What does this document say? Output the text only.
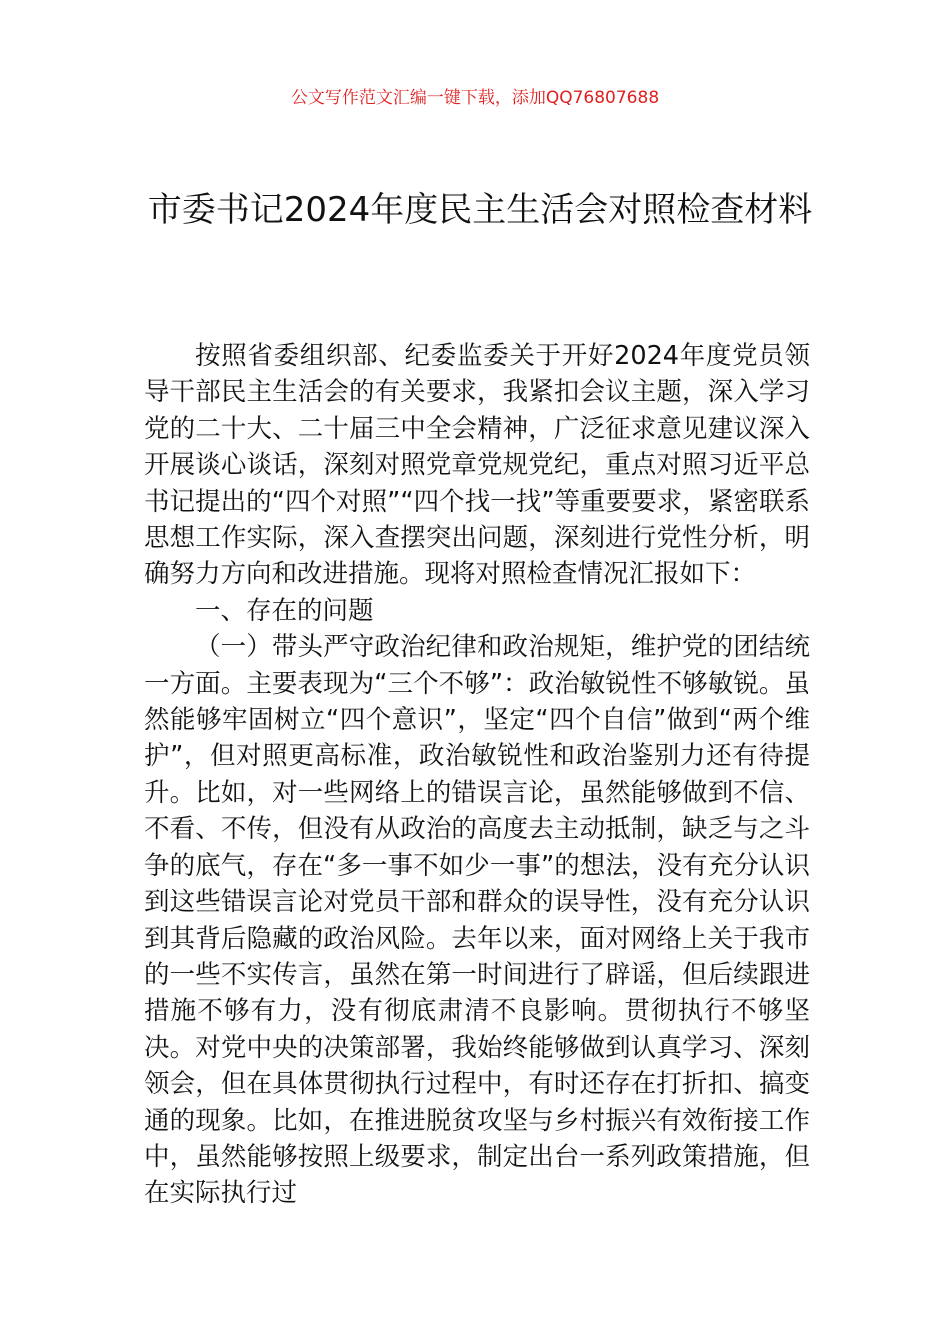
公文写作范文汇编一键下载，添加QQ76807688
市委书记2024年度民主生活会对照检查材料

按照省委组织部、纪委监委关于开好2024年度党员领导干部民主生活会的有关要求，我紧扣会议主题，深入学习党的二十大、二十届三中全会精神，广泛征求意见建议深入开展谈心谈话，深刻对照党章党规党纪，重点对照习近平总书记提出的“四个对照”“四个找一找”等重要要求，紧密联系思想工作实际，深入查摆突出问题，深刻进行党性分析，明确努力方向和改进措施。现将对照检查情况汇报如下：

一、存在的问题

（一）带头严守政治纪律和政治规矩，维护党的团结统一方面。主要表现为“三个不够”：政治敏锐性不够敏锐。虽然能够牢固树立“四个意识”，坚定“四个自信”做到“两个维护”，但对照更高标准，政治敏锐性和政治鉴别力还有待提升。比如，对一些网络上的错误言论，虽然能够做到不信、不看、不传，但没有从政治的高度去主动抵制，缺乏与之斗争的底气，存在“多一事不如少一事”的想法，没有充分认识到这些错误言论对党员干部和群众的误导性，没有充分认识到其背后隐藏的政治风险。去年以来，面对网络上关于我市的一些不实传言，虽然在第一时间进行了辟谣，但后续跟进措施不够有力，没有彻底肃清不良影响。贯彻执行不够坚决。对党中央的决策部署，我始终能够做到认真学习、深刻领会，但在具体贯彻执行过程中，有时还存在打折扣、搞变通的现象。比如，在推进脱贫攻坚与乡村振兴有效衔接工作中，虽然能够按照上级要求，制定出台一系列政策措施，但在实际执行过
